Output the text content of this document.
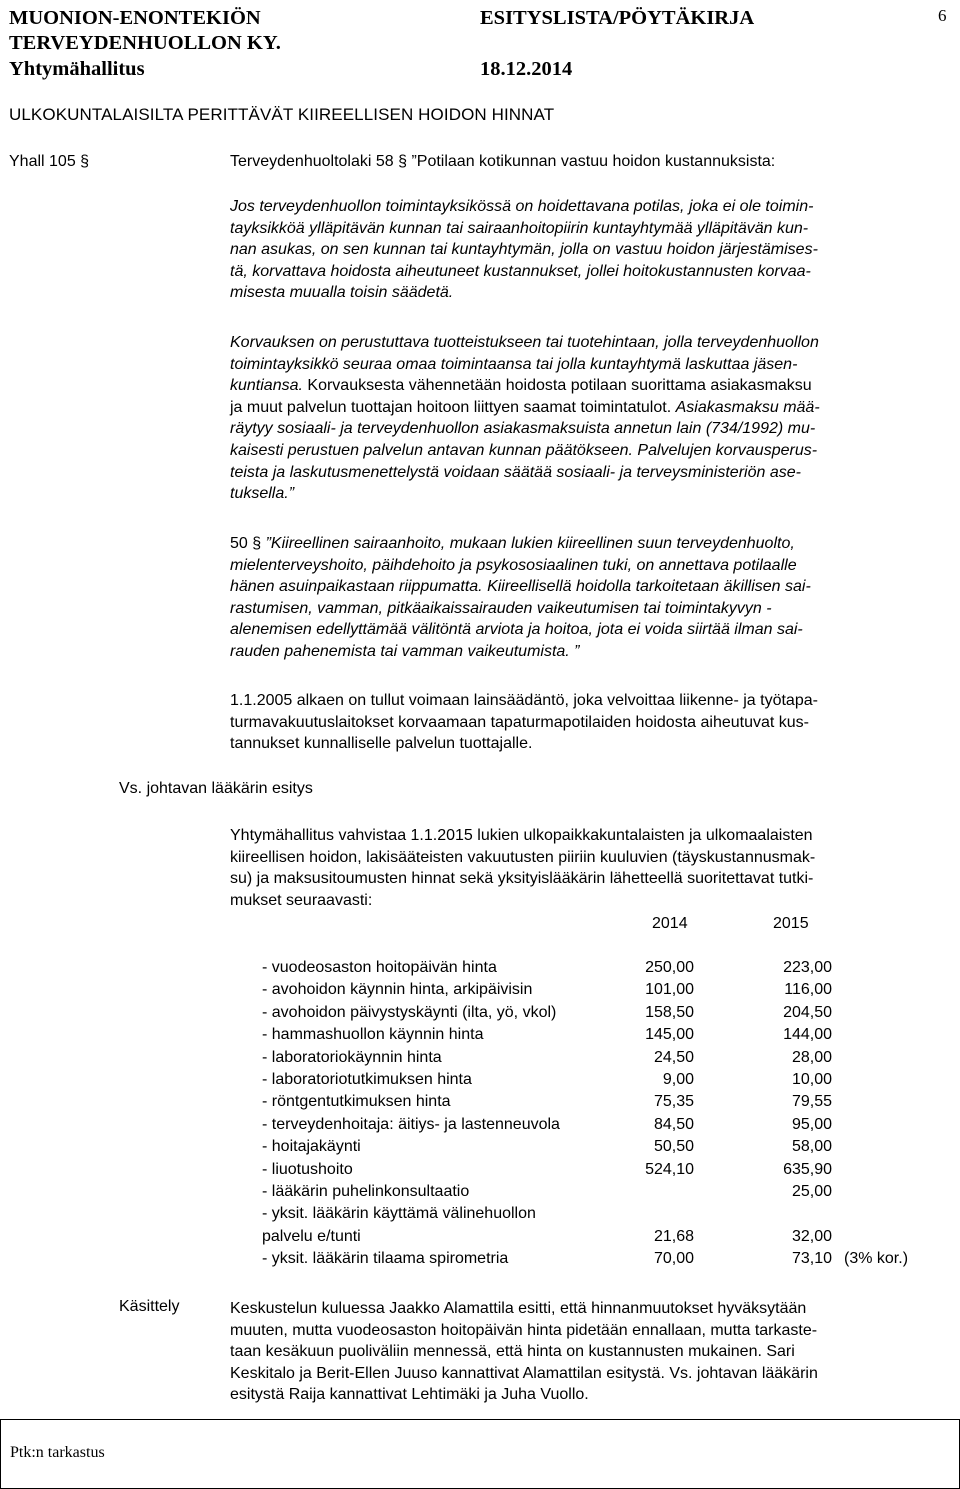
MUONION-ENONTEKIÖN
TERVEYDENHUOLLON KY.
Yhtymähallitus
ESITYSLISTA/PÖYTÄKIRJA
18.12.2014
6
ULKOKUNTALAISILTA PERITTÄVÄT KIIREELLISEN HOIDON HINNAT
Yhall 105 §	Terveydenhuoltolaki 58 § ”Potilaan kotikunnan vastuu hoidon kustannuksista:
Jos terveydenhuollon toimintayksikössä on hoidettavana potilas, joka ei ole toimin-
tayksikköä ylläpitävän kunnan tai sairaanhoitopiirin kuntayhtymää ylläpitävän kun-
nan asukas, on sen kunnan tai kuntayhtymän, jolla on vastuu hoidon järjestämises-
tä, korvattava hoidosta aiheutuneet kustannukset, jollei hoitokustannusten korvaa-
misesta muualla toisin säädetä.
Korvauksen on perustuttava tuotteistukseen tai tuotehintaan, jolla terveydenhuollon
toimintayksikkö seuraa omaa toimintaansa tai jolla kuntayhtymä laskuttaa jäsen-
kuntiansa. Korvauksesta vähennetään hoidosta potilaan suorittama asiakasmaksu
ja muut palvelun tuottajan hoitoon liittyen saamat toimintatulot. Asiakasmaksu mää-
räytyy sosiaali- ja terveydenhuollon asiakasmaksuista annetun lain (734/1992) mu-
kaisesti perustuen palvelun antavan kunnan päätökseen. Palvelujen korvausperus-
teista ja laskutusmenettelystä voidaan säätää sosiaali- ja terveysministeriön ase-
tuksella.”
50 § ”Kiireellinen sairaanhoito, mukaan lukien kiireellinen suun terveydenhuolto,
mielenterveyshoito, päihdehoito ja psykososiaalinen tuki, on annettava potilaalle
hänen asuinpaikastaan riippumatta. Kiireellisellä hoidolla tarkoitetaan äkillisen sai-
rastumisen, vamman, pitkäaikaissairauden vaikeutumisen tai toimintakyvyn -
alenemisen edellyttämää välitöntä arviota ja hoitoa, jota ei voida siirtää ilman sai-
rauden pahenemista tai vamman vaikeutumista. ”
1.1.2005 alkaen on tullut voimaan lainsäädäntö, joka velvoittaa liikenne- ja työtapa-
turmavakuutuslaitokset korvaamaan tapaturmapotilaiden hoidosta aiheutuvat kus-
tannukset kunnalliselle palvelun tuottajalle.
Vs. johtavan lääkärin esitys
Yhtymähallitus vahvistaa 1.1.2015 lukien ulkopaikkakuntalaisten ja ulkomaalaisten
kiireellisen hoidon, lakisääteisten vakuutusten piiriin kuuluvien (täyskustannusmak-
su) ja maksusitoumusten hinnat sekä yksityislääkärin lähetteellä suoritettavat tutki-
mukset seuraavasti:
2014	2015
- vuodeosaston hoitopäivän hinta	250,00		223,00	
- avohoidon käynnin hinta, arkipäivisin	101,00		116,00	
- avohoidon päivystyskäynti (ilta, yö, vkol)	158,50		204,50	
- hammashuollon käynnin hinta	145,00		144,00	
- laboratoriokäynnin hinta	24,50		28,00	
- laboratoriotutkimuksen hinta	9,00		10,00	
- röntgentutkimuksen hinta	75,35		79,55	
- terveydenhoitaja: äitiys- ja lastenneuvola	84,50		95,00	
- hoitajakäynti	50,50		58,00	
- liuotushoito	524,10		635,90	
- lääkärin puhelinkonsultaatio			25,00	
- yksit. lääkärin käyttämä välinehuollon				
palvelu e/tunti	21,68		32,00	
- yksit. lääkärin tilaama spirometria	70,00		73,10	(3% kor.)
Käsittely	Keskustelun kuluessa Jaakko Alamattila esitti, että hinnanmuutokset hyväksytään
muuten, mutta vuodeosaston hoitopäivän hinta pidetään ennallaan, mutta tarkaste-
taan kesäkuun puoliväliin mennessä, että hinta on kustannusten mukainen. Sari
Keskitalo ja Berit-Ellen Juuso kannattivat Alamattilan esitystä. Vs. johtavan lääkärin
esitystä Raija kannattivat Lehtimäki ja Juha Vuollo.
Ptk:n tarkastus
